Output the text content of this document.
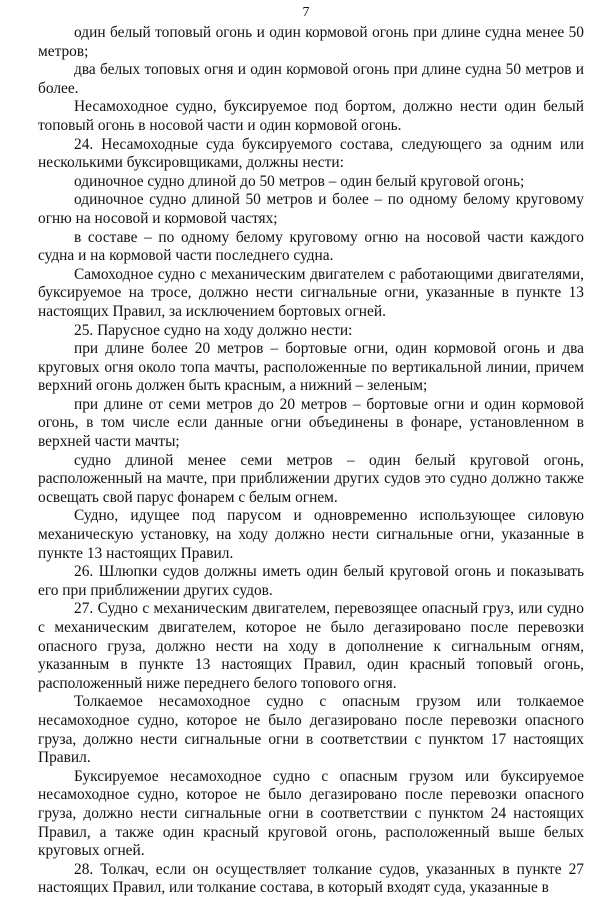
7

один белый топовый огонь и один кормовой огонь при длине судна менее 50 метров;

два белых топовых огня и один кормовой огонь при длине судна 50 метров и более.

Несамоходное судно, буксируемое под бортом, должно нести один белый топовый огонь в носовой части и один кормовой огонь.

24. Несамоходные суда буксируемого состава, следующего за одним или несколькими буксировщиками, должны нести:

одиночное судно длиной до 50 метров – один белый круговой огонь;

одиночное судно длиной 50 метров и более – по одному белому круговому огню на носовой и кормовой частях;

в составе – по одному белому круговому огню на носовой части каждого судна и на кормовой части последнего судна.

Самоходное судно с механическим двигателем с работающими двигателями, буксируемое на тросе, должно нести сигнальные огни, указанные в пункте 13 настоящих Правил, за исключением бортовых огней.

25. Парусное судно на ходу должно нести:

при длине более 20 метров – бортовые огни, один кормовой огонь и два круговых огня около топа мачты, расположенные по вертикальной линии, причем верхний огонь должен быть красным, а нижний – зеленым;

при длине от семи метров до 20 метров – бортовые огни и один кормовой огонь, в том числе если данные огни объединены в фонаре, установленном в верхней части мачты;

судно длиной менее семи метров – один белый круговой огонь, расположенный на мачте, при приближении других судов это судно должно также освещать свой парус фонарем с белым огнем.

Судно, идущее под парусом и одновременно использующее силовую механическую установку, на ходу должно нести сигнальные огни, указанные в пункте 13 настоящих Правил.

26. Шлюпки судов должны иметь один белый круговой огонь и показывать его при приближении других судов.

27. Судно с механическим двигателем, перевозящее опасный груз, или судно с механическим двигателем, которое не было дегазировано после перевозки опасного груза, должно нести на ходу в дополнение к сигнальным огням, указанным в пункте 13 настоящих Правил, один красный топовый огонь, расположенный ниже переднего белого топового огня.

Толкаемое несамоходное судно с опасным грузом или толкаемое несамоходное судно, которое не было дегазировано после перевозки опасного груза, должно нести сигнальные огни в соответствии с пунктом 17 настоящих Правил.

Буксируемое несамоходное судно с опасным грузом или буксируемое несамоходное судно, которое не было дегазировано после перевозки опасного груза, должно нести сигнальные огни в соответствии с пунктом 24 настоящих Правил, а также один красный круговой огонь, расположенный выше белых круговых огней.

28. Толкач, если он осуществляет толкание судов, указанных в пункте 27 настоящих Правил, или толкание состава, в который входят суда, указанные в
